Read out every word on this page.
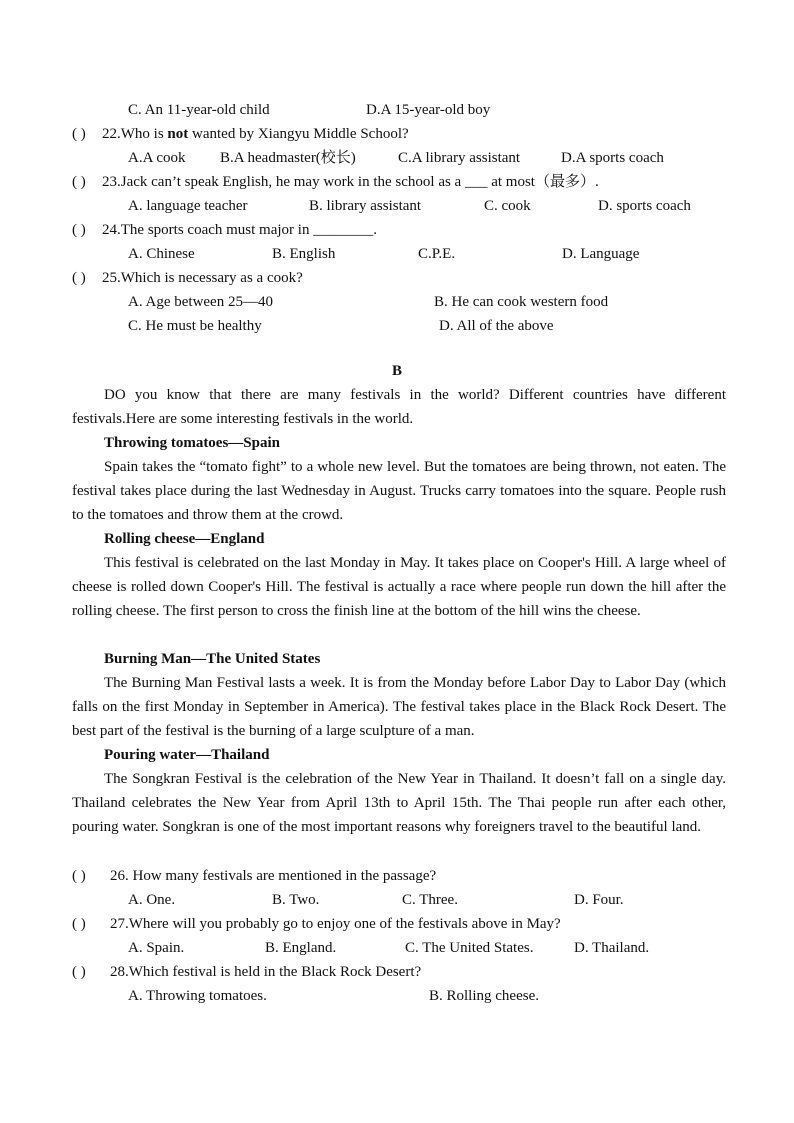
C. An 11-year-old child	D.A 15-year-old boy
( ) 22.Who is not wanted by Xiangyu Middle School?
A.A cook B.A headmaster(校长)	C.A library assistant	D.A sports coach
( ) 23.Jack can’t speak English, he may work in the school as a ___ at most（最多）.
A. language teacher	B. library assistant	C. cook	D. sports coach
( ) 24.The sports coach must major in ________.
A. Chinese	B. English	C.P.E.	D. Language
( ) 25.Which is necessary as a cook?
A. Age between 25—40	B. He can cook western food
C. He must be healthy	D. All of the above
B
DO you know that there are many festivals in the world? Different countries have different festivals.Here are some interesting festivals in the world.
Throwing tomatoes—Spain
Spain takes the “tomato fight” to a whole new level. But the tomatoes are being thrown, not eaten. The festival takes place during the last Wednesday in August. Trucks carry tomatoes into the square. People rush to the tomatoes and throw them at the crowd.
Rolling cheese—England
This festival is celebrated on the last Monday in May. It takes place on Cooper's Hill. A large wheel of cheese is rolled down Cooper's Hill. The festival is actually a race where people run down the hill after the rolling cheese. The first person to cross the finish line at the bottom of the hill wins the cheese.
Burning Man—The United States
The Burning Man Festival lasts a week. It is from the Monday before Labor Day to Labor Day (which falls on the first Monday in September in America). The festival takes place in the Black Rock Desert. The best part of the festival is the burning of a large sculpture of a man.
Pouring water—Thailand
The Songkran Festival is the celebration of the New Year in Thailand. It doesn’t fall on a single day. Thailand celebrates the New Year from April 13th to April 15th. The Thai people run after each other, pouring water. Songkran is one of the most important reasons why foreigners travel to the beautiful land.
( ) 26. How many festivals are mentioned in the passage?
A. One.	B. Two.	C. Three.	D. Four.
( ) 27.Where will you probably go to enjoy one of the festivals above in May?
A. Spain.	B. England.	C. The United States.	D. Thailand.
( ) 28.Which festival is held in the Black Rock Desert?
A. Throwing tomatoes.	B. Rolling cheese.
